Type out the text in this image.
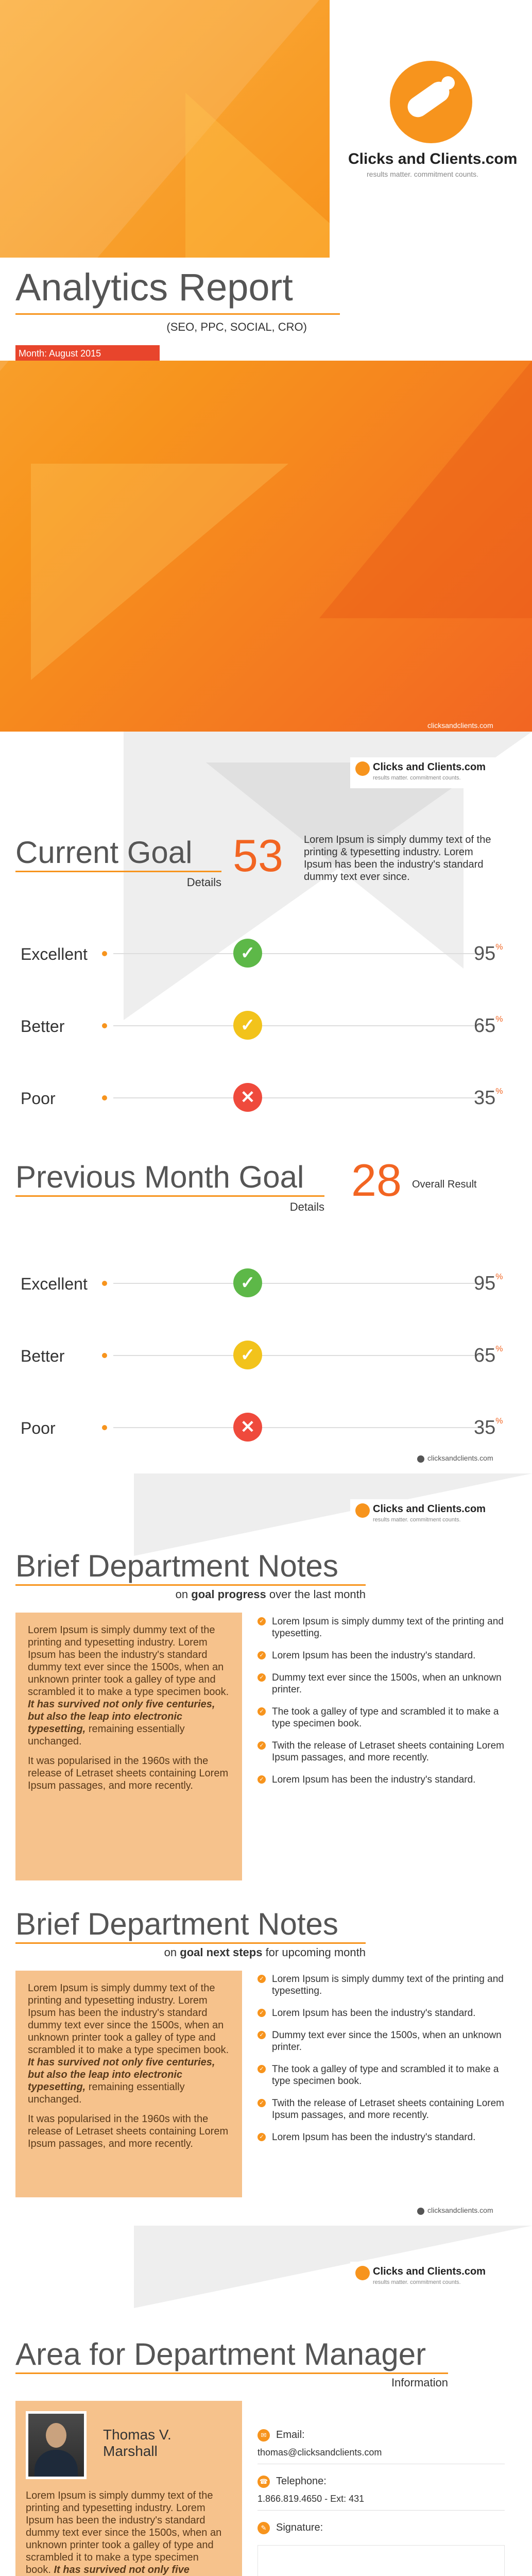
Clicks and Clients.com
results matter. commitment counts.
Analytics Report
(SEO, PPC, SOCIAL, CRO)
Month: August 2015
clicksandclients.com
Clicks and Clients.com
results matter. commitment counts.
Current Goal
Details
53 Lorem Ipsum is simply dummy text of the printing & typesetting industry. Lorem Ipsum has been the industry's standard dummy text ever since.
Excellent	✓	95%
Better	✓	65%
Poor	✕	35%
Previous Month Goal
Details
28 Overall Result
Excellent	✓	95%
Better	✓	65%
Poor	✕	35%
clicksandclients.com
Clicks and Clients.com
results matter. commitment counts.
Brief Department Notes
on goal progress over the last month

Lorem Ipsum is simply dummy text of the printing and typesetting industry. Lorem Ipsum has been the industry's standard dummy text ever since the 1500s, when an unknown printer took a galley of type and scrambled it to make a type specimen book. It has survived not only five centuries, but also the leap into electronic typesetting, remaining essentially unchanged.

It was popularised in the 1960s with the release of Letraset sheets containing Lorem Ipsum passages, and more recently.

✓ Lorem Ipsum is simply dummy text of the printing and typesetting.
✓ Lorem Ipsum has been the industry's standard.
✓ Dummy text ever since the 1500s, when an unknown printer.
✓ The took a galley of type and scrambled it to make a type specimen book.
✓ Twith the release of Letraset sheets containing Lorem Ipsum passages, and more recently.
✓ Lorem Ipsum has been the industry's standard.
Brief Department Notes
on goal next steps for upcoming month

Lorem Ipsum is simply dummy text of the printing and typesetting industry. Lorem Ipsum has been the industry's standard dummy text ever since the 1500s, when an unknown printer took a galley of type and scrambled it to make a type specimen book. It has survived not only five centuries, but also the leap into electronic typesetting, remaining essentially unchanged.

It was popularised in the 1960s with the release of Letraset sheets containing Lorem Ipsum passages, and more recently.

✓ Lorem Ipsum is simply dummy text of the printing and typesetting.
✓ Lorem Ipsum has been the industry's standard.
✓ Dummy text ever since the 1500s, when an unknown printer.
✓ The took a galley of type and scrambled it to make a type specimen book.
✓ Twith the release of Letraset sheets containing Lorem Ipsum passages, and more recently.
✓ Lorem Ipsum has been the industry's standard.
clicksandclients.com
Clicks and Clients.com
results matter. commitment counts.
Area for Department Manager
Information
Thomas V.
Marshall
Lorem Ipsum is simply dummy text of the printing and typesetting industry. Lorem Ipsum has been the industry's standard dummy text ever since the 1500s, when an unknown printer took a galley of type and scrambled it to make a type specimen book. It has survived not only five
✉ Email:
thomas@clicksandclients.com
☎ Telephone:
1.866.819.4650 - Ext: 431
✎ Signature:
